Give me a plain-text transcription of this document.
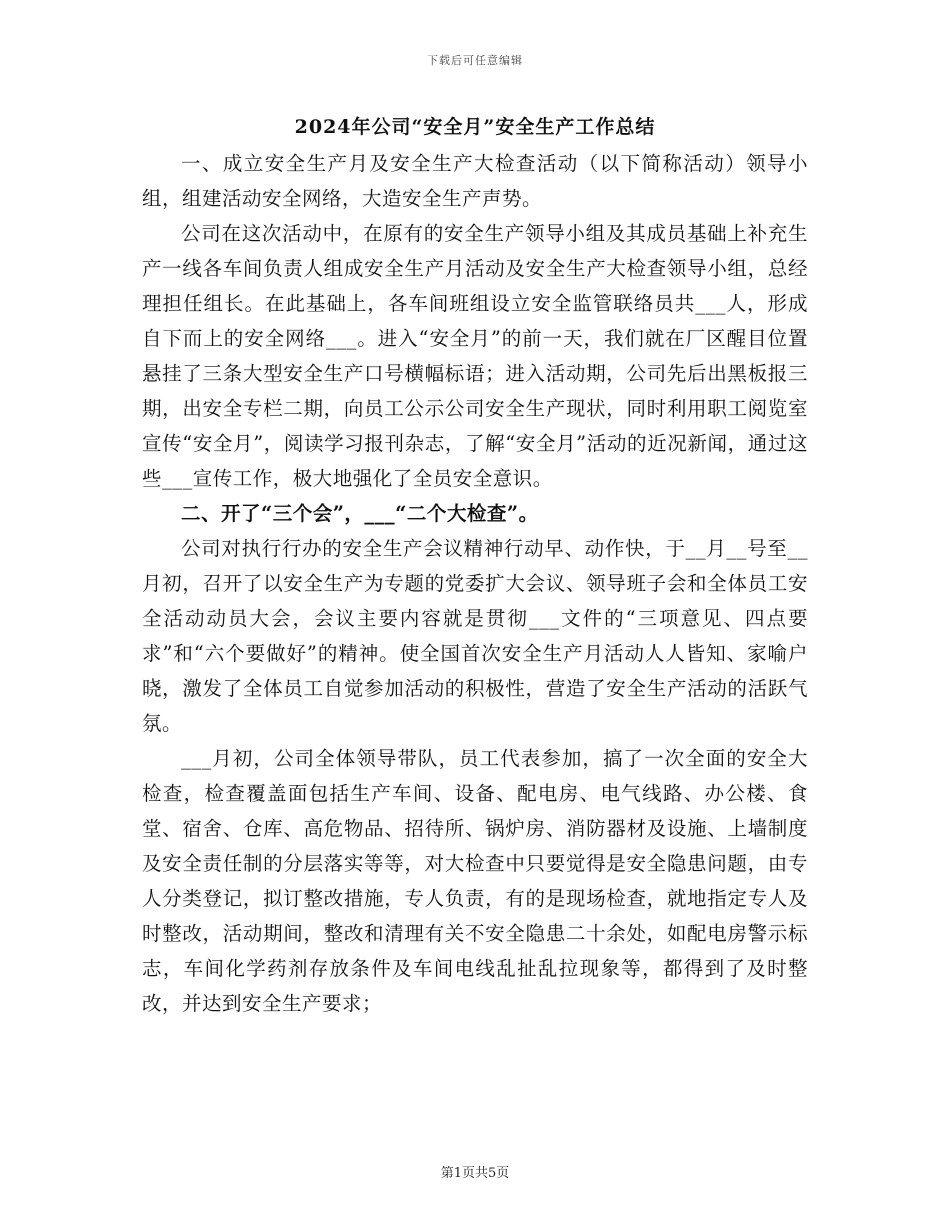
下载后可任意编辑
2024年公司“安全月”安全生产工作总结

一、成立安全生产月及安全生产大检查活动（以下简称活动）领导小组，组建活动安全网络，大造安全生产声势。

公司在这次活动中，在原有的安全生产领导小组及其成员基础上补充生产一线各车间负责人组成安全生产月活动及安全生产大检查领导小组，总经理担任组长。在此基础上，各车间班组设立安全监管联络员共___人，形成自下而上的安全网络___。进入“安全月”的前一天，我们就在厂区醒目位置悬挂了三条大型安全生产口号横幅标语；进入活动期，公司先后出黑板报三期，出安全专栏二期，向员工公示公司安全生产现状，同时利用职工阅览室宣传“安全月”，阅读学习报刊杂志，了解“安全月”活动的近况新闻，通过这些___宣传工作，极大地强化了全员安全意识。

二、开了“三个会”，___“二个大检查”。

公司对执行行办的安全生产会议精神行动早、动作快，于__月__号至__月初，召开了以安全生产为专题的党委扩大会议、领导班子会和全体员工安全活动动员大会，会议主要内容就是贯彻___文件的“三项意见、四点要求”和“六个要做好”的精神。使全国首次安全生产月活动人人皆知、家喻户晓，激发了全体员工自觉参加活动的积极性，营造了安全生产活动的活跃气氛。

___月初，公司全体领导带队，员工代表参加，搞了一次全面的安全大检查，检查覆盖面包括生产车间、设备、配电房、电气线路、办公楼、食堂、宿舍、仓库、高危物品、招待所、锅炉房、消防器材及设施、上墙制度及安全责任制的分层落实等等，对大检查中只要觉得是安全隐患问题，由专人分类登记，拟订整改措施，专人负责，有的是现场检查，就地指定专人及时整改，活动期间，整改和清理有关不安全隐患二十余处，如配电房警示标志，车间化学药剂存放条件及车间电线乱扯乱拉现象等，都得到了及时整改，并达到安全生产要求；

第1页共5页
